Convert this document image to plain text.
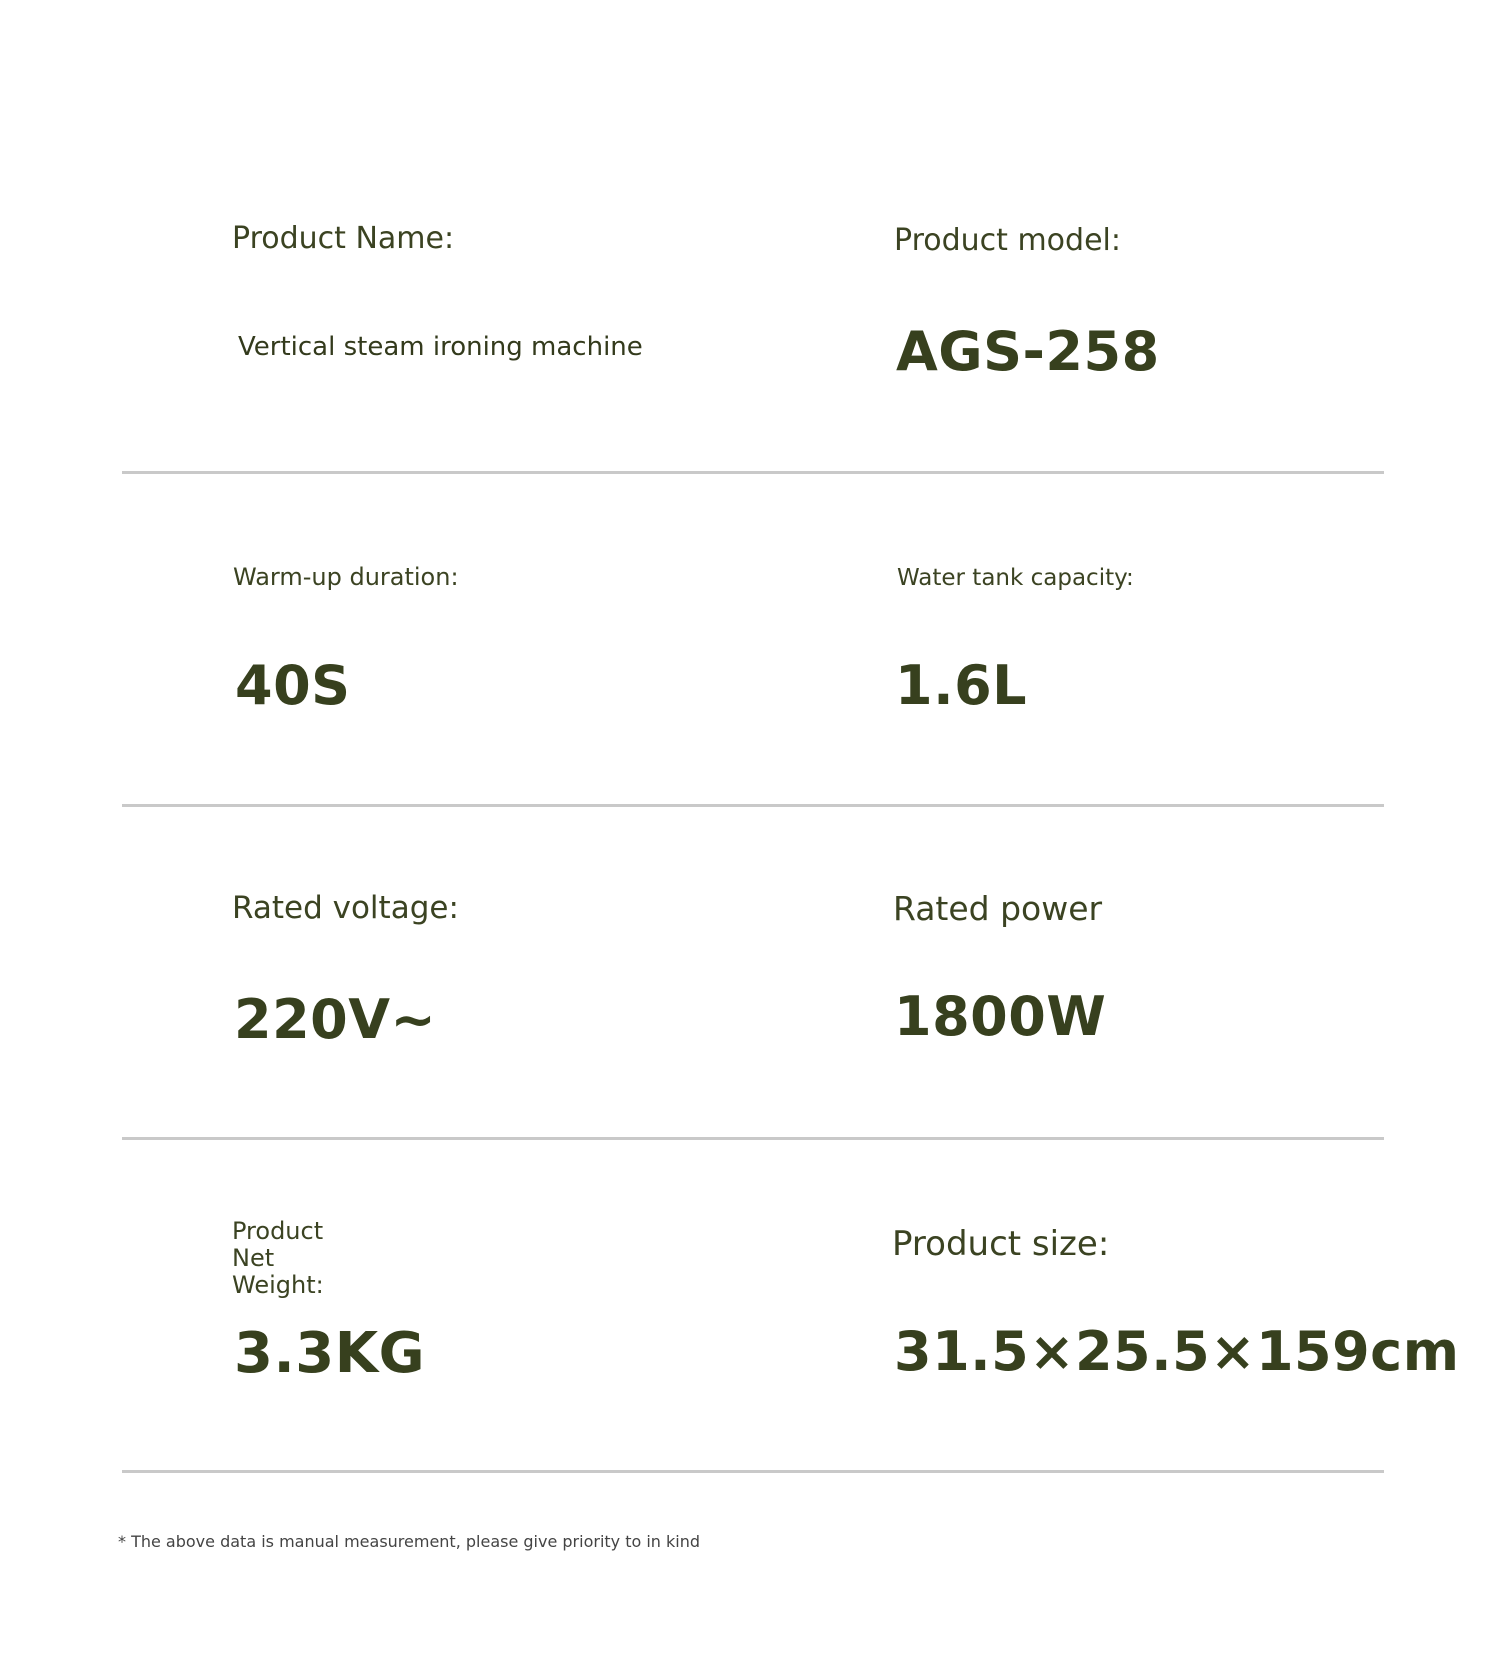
Product Name:
Vertical steam ironing machine
Product model:
AGS-258
Warm-up duration:
40S
Water tank capacity:
1.6L
Rated voltage:
220V~
Rated power
1800W
Product Net Weight:
3.3KG
Product size:
31.5×25.5×159cm
* The above data is manual measurement, please give priority to in kind
